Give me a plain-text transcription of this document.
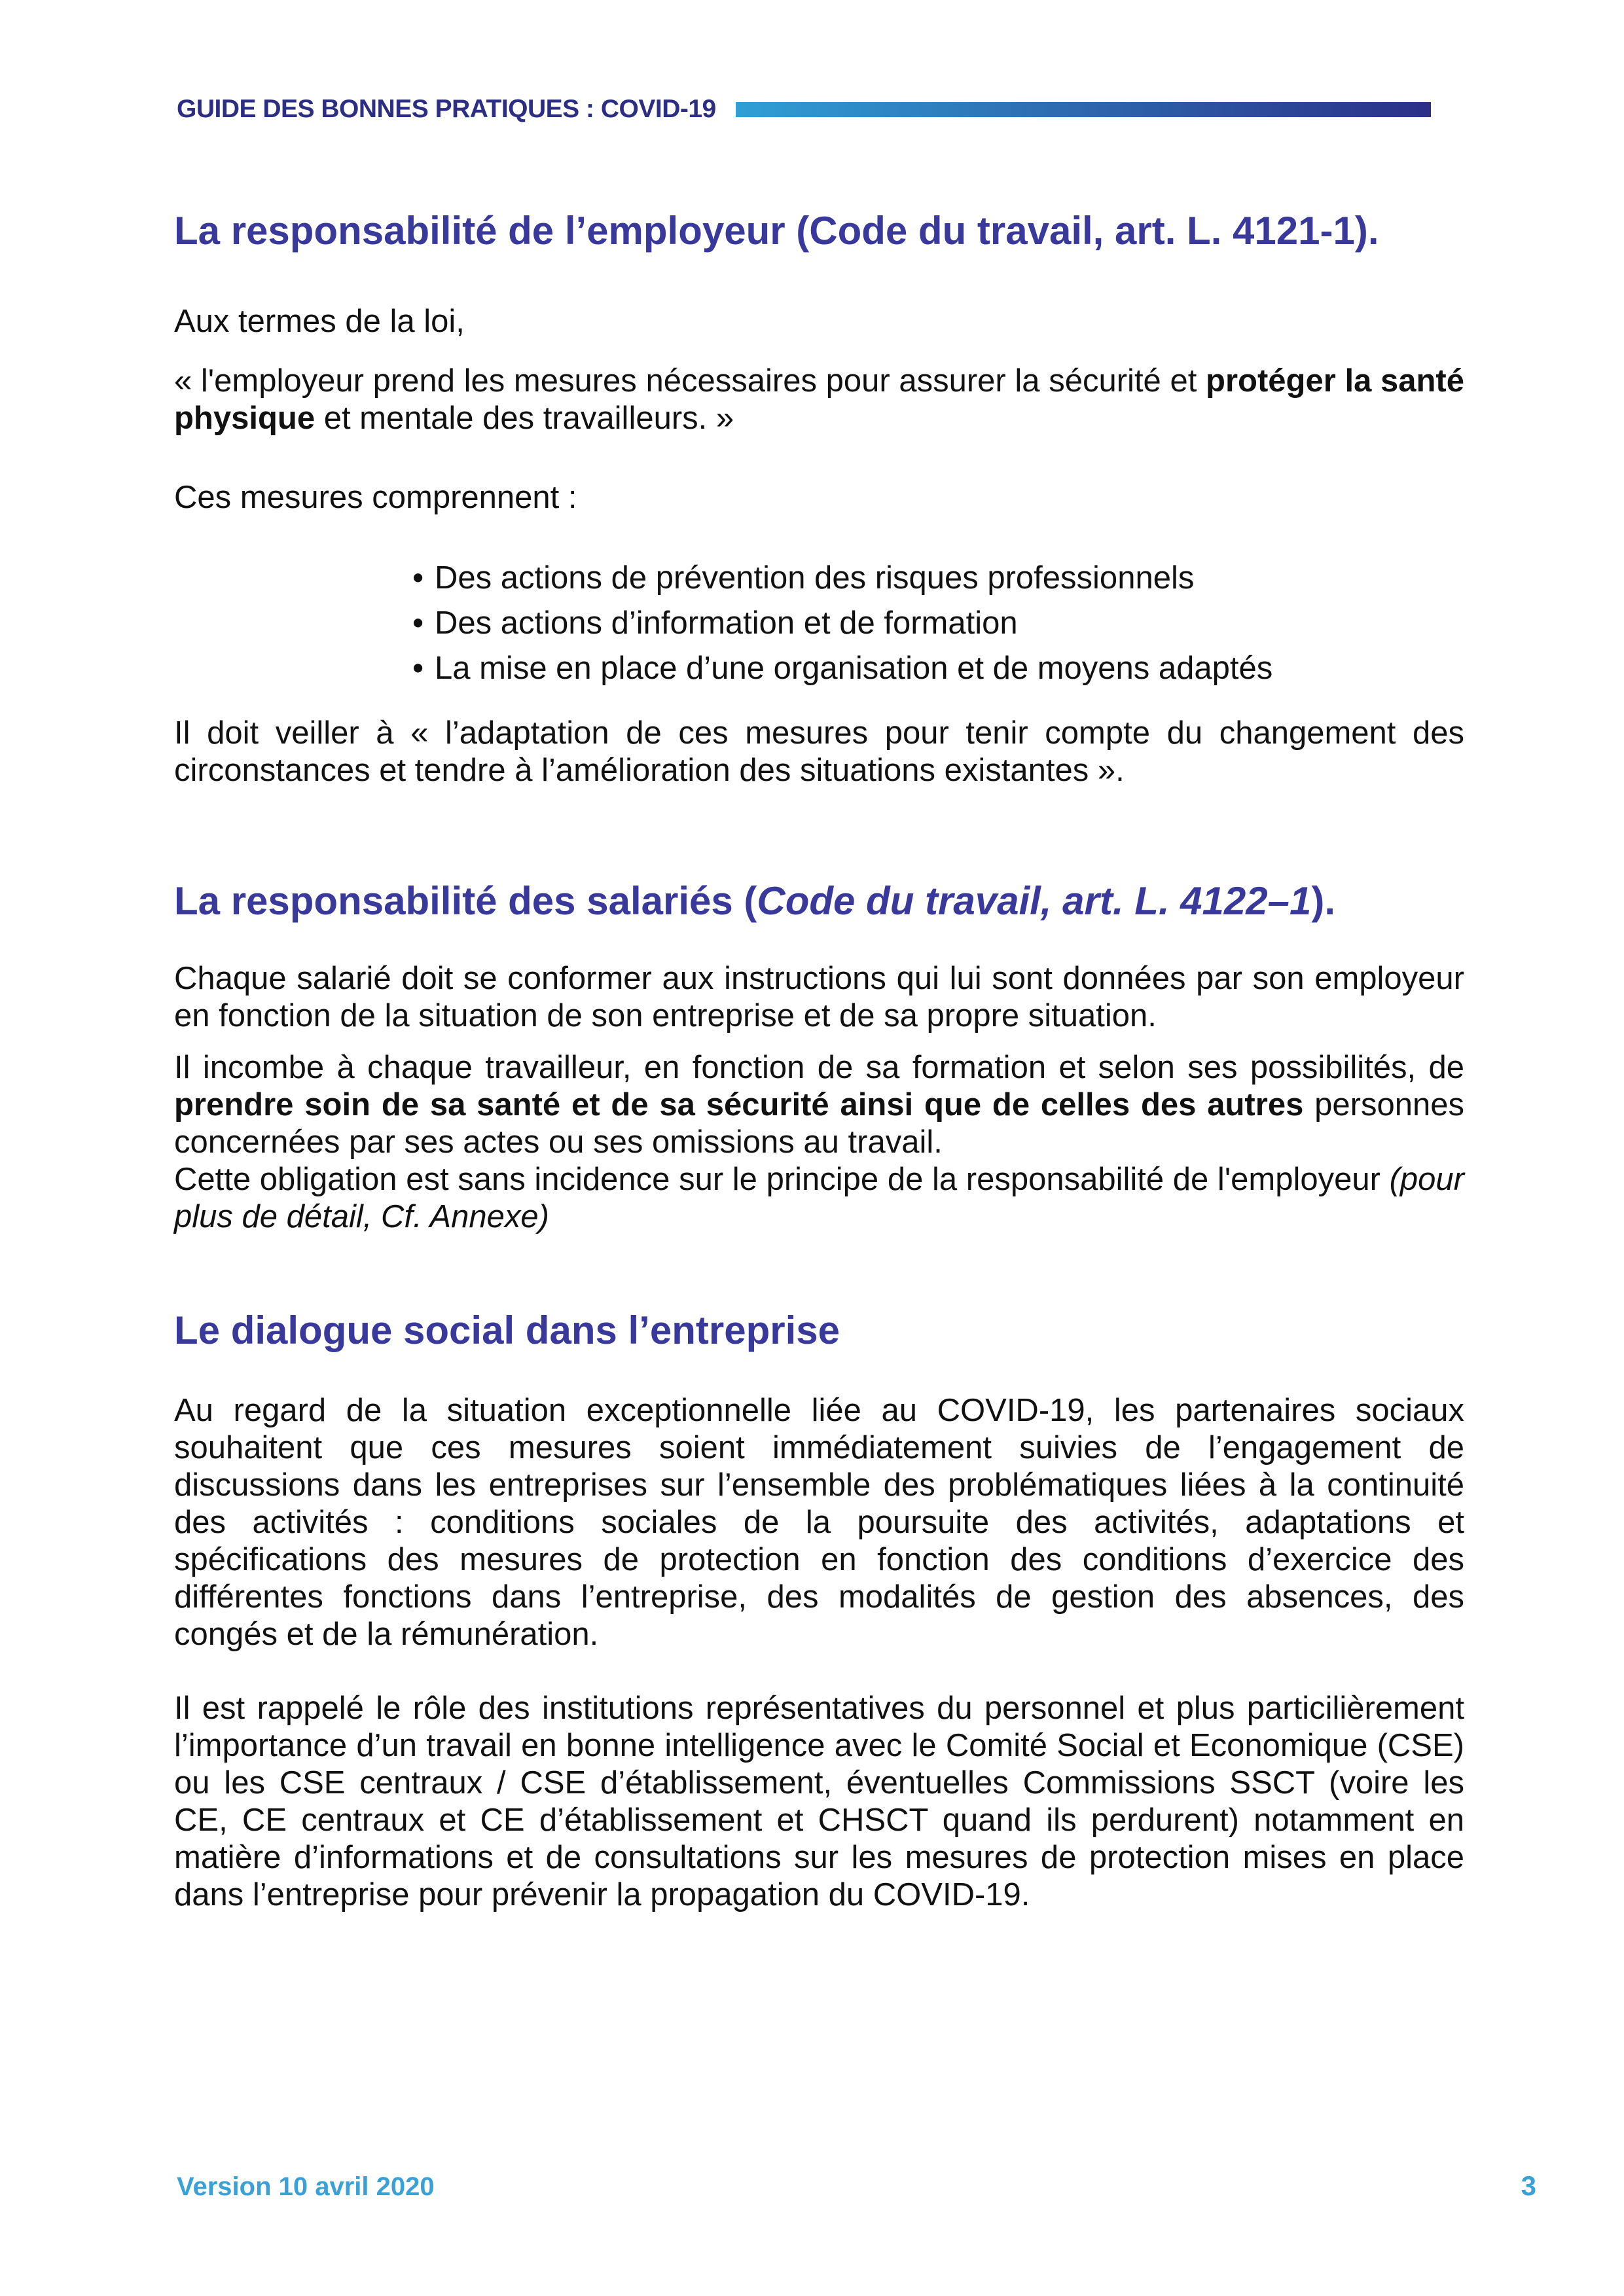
GUIDE DES BONNES PRATIQUES : COVID-19
La responsabilité de l’employeur (Code du travail, art. L. 4121-1).

Aux termes de la loi,

« l'employeur prend les mesures nécessaires pour assurer la sécurité et protéger la santé physique et mentale des travailleurs. »

Ces mesures comprennent :

• Des actions de prévention des risques professionnels
• Des actions d’information et de formation
• La mise en place d’une organisation et de moyens adaptés

Il doit veiller à « l’adaptation de ces mesures pour tenir compte du changement des circonstances et tendre à l’amélioration des situations existantes ».

La responsabilité des salariés (Code du travail, art. L. 4122–1).

Chaque salarié doit se conformer aux instructions qui lui sont données par son employeur en fonction de la situation de son entreprise et de sa propre situation.

Il incombe à chaque travailleur, en fonction de sa formation et selon ses possibilités, de prendre soin de sa santé et de sa sécurité ainsi que de celles des autres personnes concernées par ses actes ou ses omissions au travail.
Cette obligation est sans incidence sur le principe de la responsabilité de l'employeur (pour plus de détail, Cf. Annexe)

Le dialogue social dans l’entreprise

Au regard de la situation exceptionnelle liée au COVID-19, les partenaires sociaux souhaitent que ces mesures soient immédiatement suivies de l’engagement de discussions dans les entreprises sur l’ensemble des problématiques liées à la continuité des activités : conditions sociales de la poursuite des activités, adaptations et spécifications des mesures de protection en fonction des conditions d’exercice des différentes fonctions dans l’entreprise, des modalités de gestion des absences, des congés et de la rémunération.

Il est rappelé le rôle des institutions représentatives du personnel et plus particilièrement l’importance d’un travail en bonne intelligence avec le Comité Social et Economique (CSE) ou les CSE centraux / CSE d’établissement, éventuelles Commissions SSCT (voire les CE, CE centraux et CE d’établissement et CHSCT quand ils perdurent) notamment en matière d’informations et de consultations sur les mesures de protection mises en place dans l’entreprise pour prévenir la propagation du COVID-19.

Version 10 avril 2020	3
